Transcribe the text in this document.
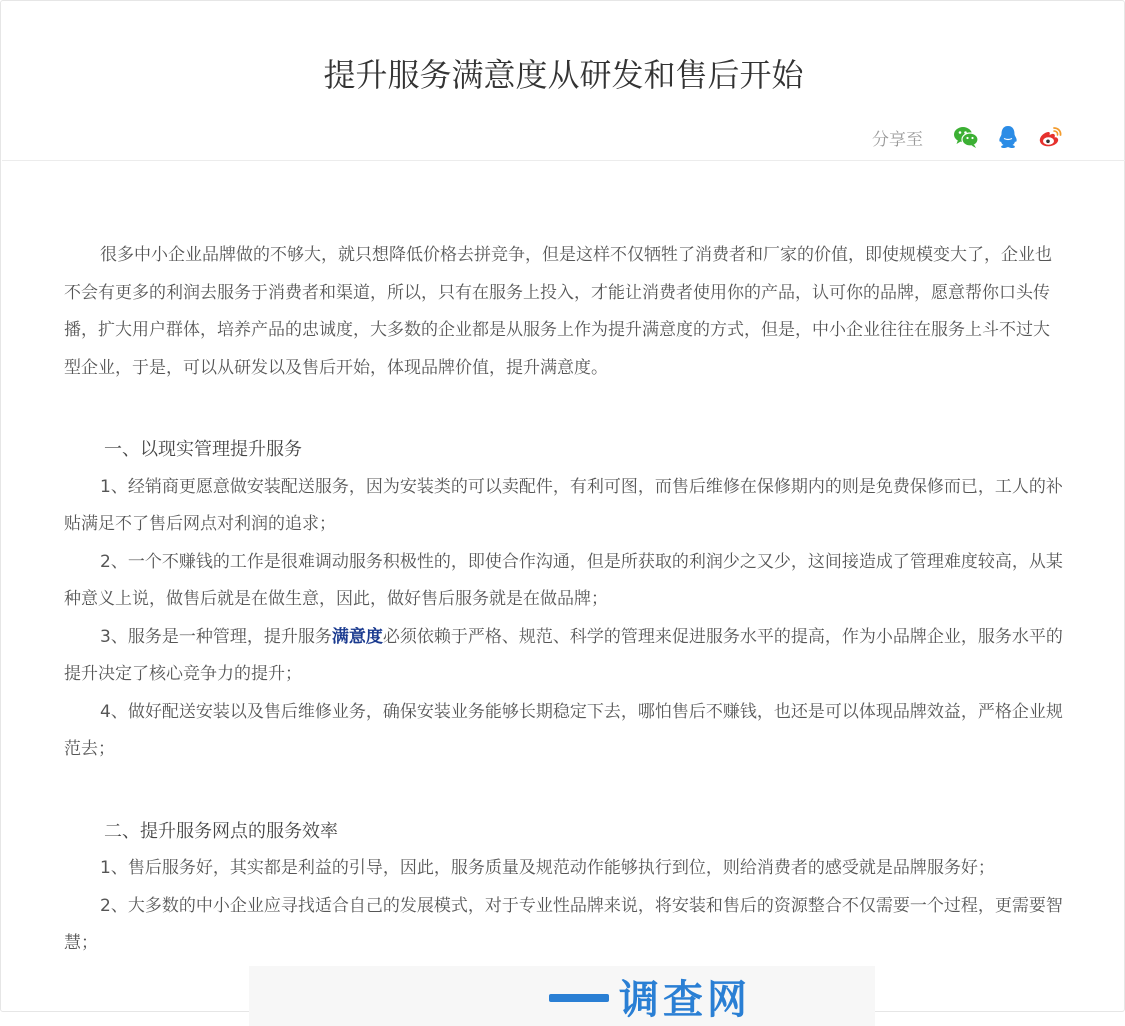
提升服务满意度从研发和售后开始
分享至

很多中小企业品牌做的不够大，就只想降低价格去拼竞争，但是这样不仅牺牲了消费者和厂家的价值，即使规模变大了，企业也不会有更多的利润去服务于消费者和渠道，所以，只有在服务上投入，才能让消费者使用你的产品，认可你的品牌，愿意帮你口头传播，扩大用户群体，培养产品的忠诚度，大多数的企业都是从服务上作为提升满意度的方式，但是，中小企业往往在服务上斗不过大型企业，于是，可以从研发以及售后开始，体现品牌价值，提升满意度。

一、以现实管理提升服务

1、经销商更愿意做安装配送服务，因为安装类的可以卖配件，有利可图，而售后维修在保修期内的则是免费保修而已，工人的补贴满足不了售后网点对利润的追求；

2、一个不赚钱的工作是很难调动服务积极性的，即使合作沟通，但是所获取的利润少之又少，这间接造成了管理难度较高，从某种意义上说，做售后就是在做生意，因此，做好售后服务就是在做品牌；

3、服务是一种管理，提升服务满意度必须依赖于严格、规范、科学的管理来促进服务水平的提高，作为小品牌企业，服务水平的提升决定了核心竞争力的提升；

4、做好配送安装以及售后维修业务，确保安装业务能够长期稳定下去，哪怕售后不赚钱，也还是可以体现品牌效益，严格企业规范去；

二、提升服务网点的服务效率

1、售后服务好，其实都是利益的引导，因此，服务质量及规范动作能够执行到位，则给消费者的感受就是品牌服务好；

2、大多数的中小企业应寻找适合自己的发展模式，对于专业性品牌来说，将安装和售后的资源整合不仅需要一个过程，更需要智慧；

调查网
